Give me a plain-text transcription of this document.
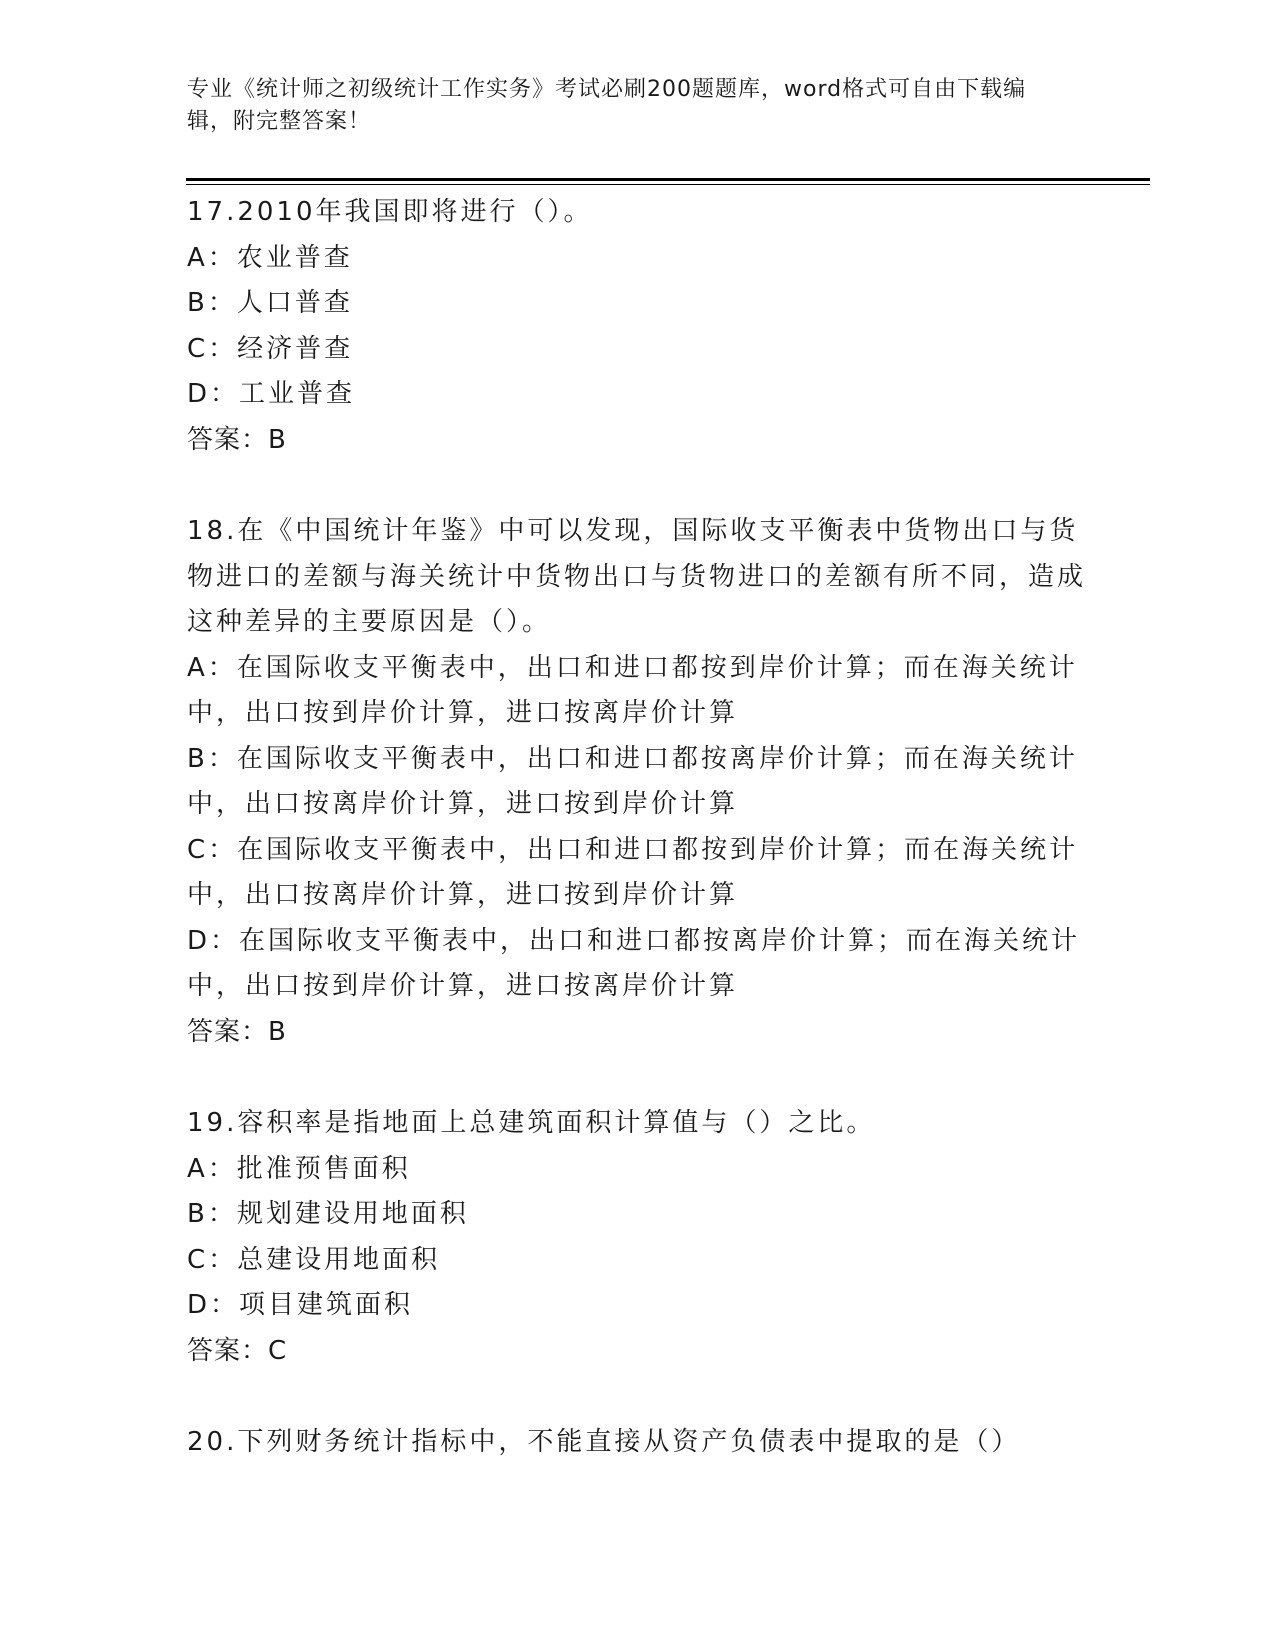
专业《统计师之初级统计工作实务》考试必刷200题题库，word格式可自由下载编辑，附完整答案！
17.2010年我国即将进行（）。
A：农业普查
B：人口普查
C：经济普查
D：工业普查
答案：B
18.在《中国统计年鉴》中可以发现，国际收支平衡表中货物出口与货物进口的差额与海关统计中货物出口与货物进口的差额有所不同，造成这种差异的主要原因是（）。
A：在国际收支平衡表中，出口和进口都按到岸价计算；而在海关统计中，出口按到岸价计算，进口按离岸价计算
B：在国际收支平衡表中，出口和进口都按离岸价计算；而在海关统计中，出口按离岸价计算，进口按到岸价计算
C：在国际收支平衡表中，出口和进口都按到岸价计算；而在海关统计中，出口按离岸价计算，进口按到岸价计算
D：在国际收支平衡表中，出口和进口都按离岸价计算；而在海关统计中，出口按到岸价计算，进口按离岸价计算
答案：B
19.容积率是指地面上总建筑面积计算值与（）之比。
A：批准预售面积
B：规划建设用地面积
C：总建设用地面积
D：项目建筑面积
答案：C
20.下列财务统计指标中，不能直接从资产负债表中提取的是（）
